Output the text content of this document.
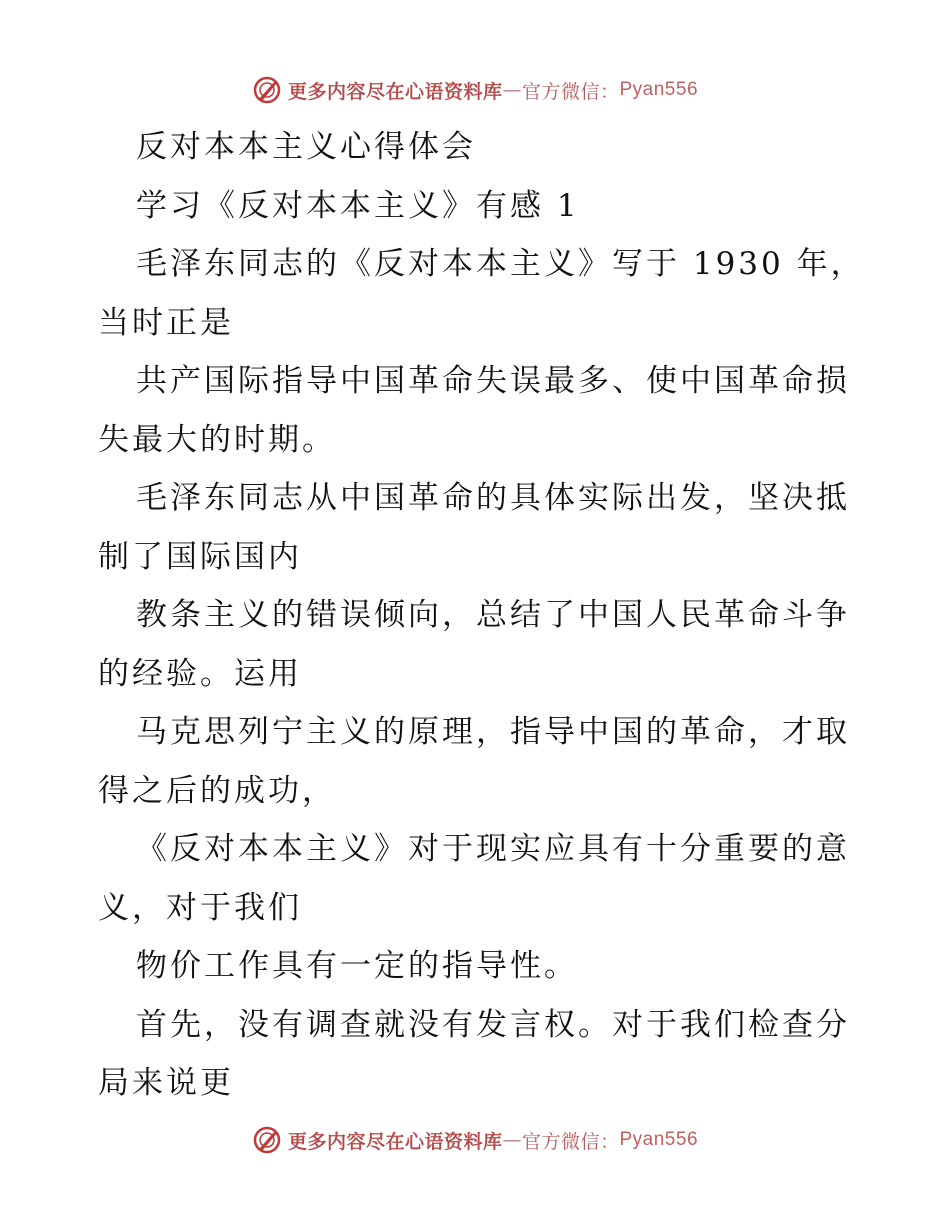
更多内容尽在心语资料库 — 官方微信： Pyan556

反对本本主义心得体会

学习《反对本本主义》有感 1

毛泽东同志的《反对本本主义》写于 1930 年，

当时正是

共产国际指导中国革命失误最多、使中国革命损

失最大的时期。

毛泽东同志从中国革命的具体实际出发，坚决抵

制了国际国内

教条主义的错误倾向，总结了中国人民革命斗争

的经验。运用

马克思列宁主义的原理，指导中国的革命，才取

得之后的成功，

《反对本本主义》对于现实应具有十分重要的意

义，对于我们

物价工作具有一定的指导性。

首先，没有调查就没有发言权。对于我们检查分

局来说更

更多内容尽在心语资料库 — 官方微信： Pyan556
